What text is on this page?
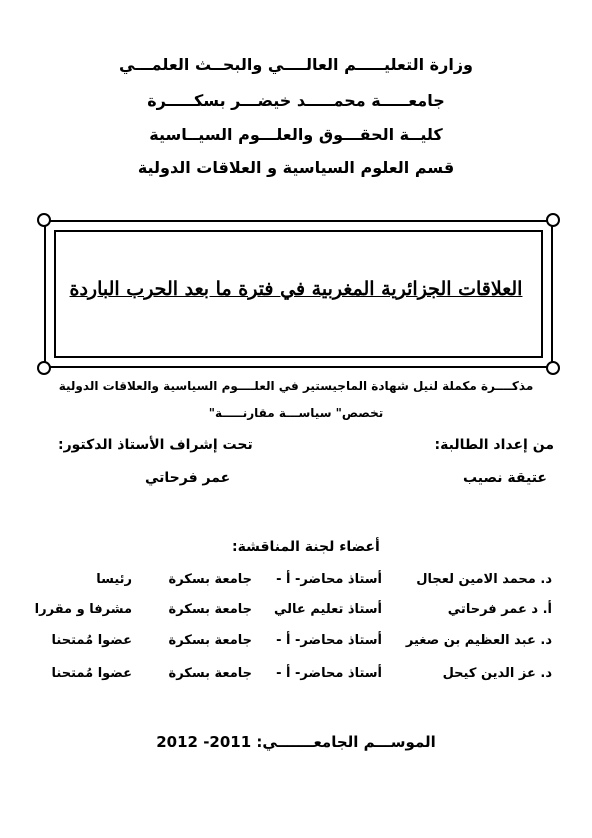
وزارة التعليـــــم العالــــي والبحــث العلمـــي
جامعـــــة محمـــــد خيضـــر بسكـــــرة
كليــة الحقـــوق والعلـــوم السيــاسية
قسم العلوم السياسية و العلاقات الدولية
العلاقات الجزائرية المغربية في فترة ما بعد الحرب الباردة
مذكــــرة مكملة لنيل شهادة الماجيستير في العلــــوم السياسية والعلاقات الدولية
تخصص" سياســـة مقارنـــــة"
من إعداد الطالبة:
عتيقة نصيب
تحت إشراف الأستاذ الدكتور:
عمر فرحاتي
أعضاء لجنة المناقشة:
د. محمد الامين لعجال
أستاذ محاضر- أ -
جامعة بسكرة
رئيسا
أ. د عمر فرحاتي
أستاذ تعليم عالي
جامعة بسكرة
مشرفا و مقررا
د. عبد العظيم بن صغير
أستاذ محاضر- أ -
جامعة بسكرة
عضوا مُمتحنا
د. عز الدين كيحل
أستاذ محاضر- أ -
جامعة بسكرة
عضوا مُمتحنا
الموســـم الجامعـــــــي: 2011- 2012
